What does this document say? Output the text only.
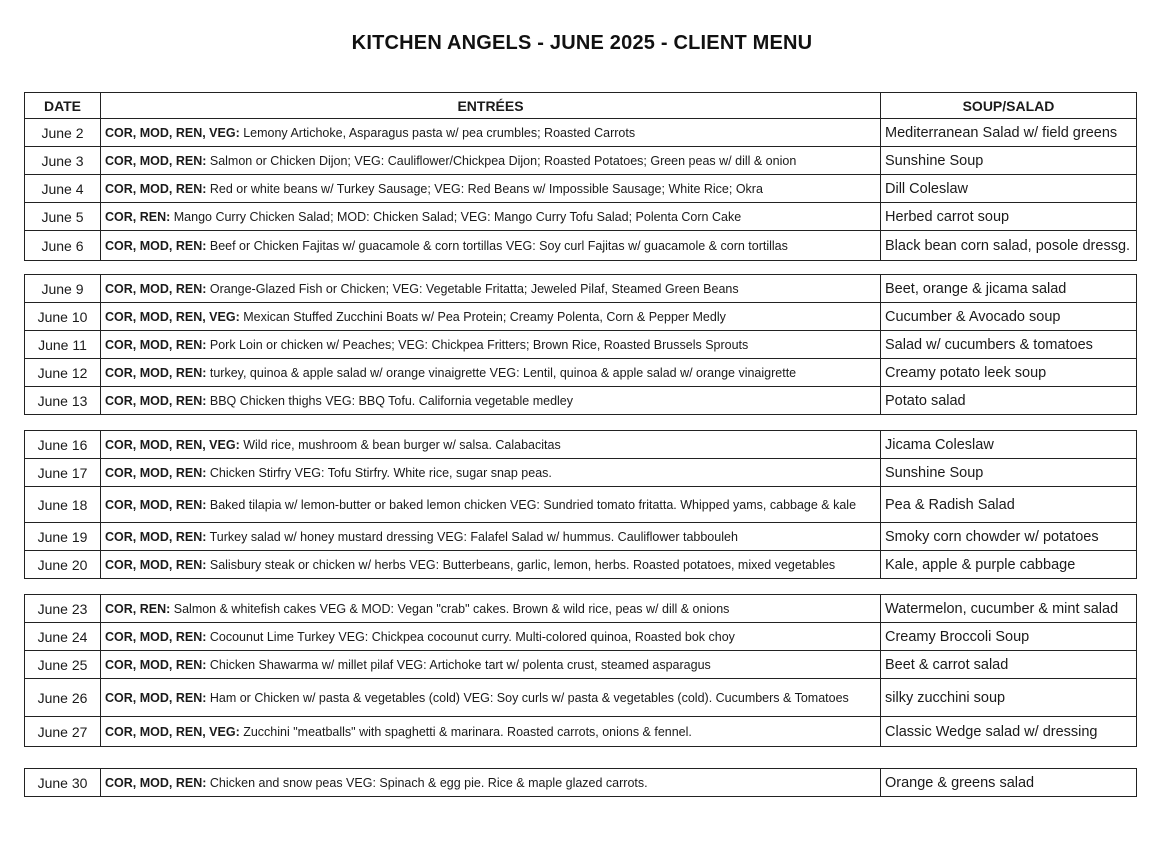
KITCHEN ANGELS - JUNE 2025 - CLIENT MENU
DATE	ENTRÉES	SOUP/SALAD
June 2	COR, MOD, REN, VEG: Lemony Artichoke, Asparagus pasta w/ pea crumbles; Roasted Carrots	Mediterranean Salad w/ field greens
June 3	COR, MOD, REN: Salmon or Chicken Dijon; VEG: Cauliflower/Chickpea Dijon; Roasted Potatoes; Green peas w/ dill & onion	Sunshine Soup
June 4	COR, MOD, REN: Red or white beans w/ Turkey Sausage; VEG: Red Beans w/ Impossible Sausage; White Rice; Okra	Dill Coleslaw
June 5	COR, REN: Mango Curry Chicken Salad; MOD: Chicken Salad; VEG: Mango Curry Tofu Salad; Polenta Corn Cake	Herbed carrot soup
June 6	COR, MOD, REN: Beef or Chicken Fajitas w/ guacamole & corn tortillas VEG: Soy curl Fajitas w/ guacamole & corn tortillas	Black bean corn salad, posole dressg.
June 9	COR, MOD, REN: Orange-Glazed Fish or Chicken; VEG: Vegetable Fritatta; Jeweled Pilaf, Steamed Green Beans	Beet, orange & jicama salad
June 10	COR, MOD, REN, VEG: Mexican Stuffed Zucchini Boats w/ Pea Protein; Creamy Polenta, Corn & Pepper Medly	Cucumber & Avocado soup
June 11	COR, MOD, REN: Pork Loin or chicken w/ Peaches; VEG: Chickpea Fritters; Brown Rice, Roasted Brussels Sprouts	Salad w/ cucumbers & tomatoes
June 12	COR, MOD, REN: turkey, quinoa & apple salad w/ orange vinaigrette VEG: Lentil, quinoa & apple salad w/ orange vinaigrette	Creamy potato leek soup
June 13	COR, MOD, REN: BBQ Chicken thighs VEG: BBQ Tofu. California vegetable medley	Potato salad
June 16	COR, MOD, REN, VEG: Wild rice, mushroom & bean burger w/ salsa. Calabacitas	Jicama Coleslaw
June 17	COR, MOD, REN: Chicken Stirfry VEG: Tofu Stirfry. White rice, sugar snap peas.	Sunshine Soup
June 18	COR, MOD, REN: Baked tilapia w/ lemon-butter or baked lemon chicken VEG: Sundried tomato fritatta. Whipped yams, cabbage & kale	Pea & Radish Salad
June 19	COR, MOD, REN: Turkey salad w/ honey mustard dressing VEG: Falafel Salad w/ hummus. Cauliflower tabbouleh	Smoky corn chowder w/ potatoes
June 20	COR, MOD, REN: Salisbury steak or chicken w/ herbs VEG: Butterbeans, garlic, lemon, herbs. Roasted potatoes, mixed vegetables	Kale, apple & purple cabbage
June 23	COR, REN: Salmon & whitefish cakes VEG & MOD: Vegan "crab" cakes. Brown & wild rice, peas w/ dill & onions	Watermelon, cucumber & mint salad
June 24	COR, MOD, REN: Cocounut Lime Turkey VEG: Chickpea cocounut curry. Multi-colored quinoa, Roasted bok choy	Creamy Broccoli Soup
June 25	COR, MOD, REN: Chicken Shawarma w/ millet pilaf VEG: Artichoke tart w/ polenta crust, steamed asparagus	Beet & carrot salad
June 26	COR, MOD, REN: Ham or Chicken w/ pasta & vegetables (cold) VEG: Soy curls w/ pasta & vegetables (cold). Cucumbers & Tomatoes	silky zucchini soup
June 27	COR, MOD, REN, VEG: Zucchini "meatballs" with spaghetti & marinara. Roasted carrots, onions & fennel.	Classic Wedge salad w/ dressing
June 30	COR, MOD, REN: Chicken and snow peas VEG: Spinach & egg pie. Rice & maple glazed carrots.	Orange & greens salad
